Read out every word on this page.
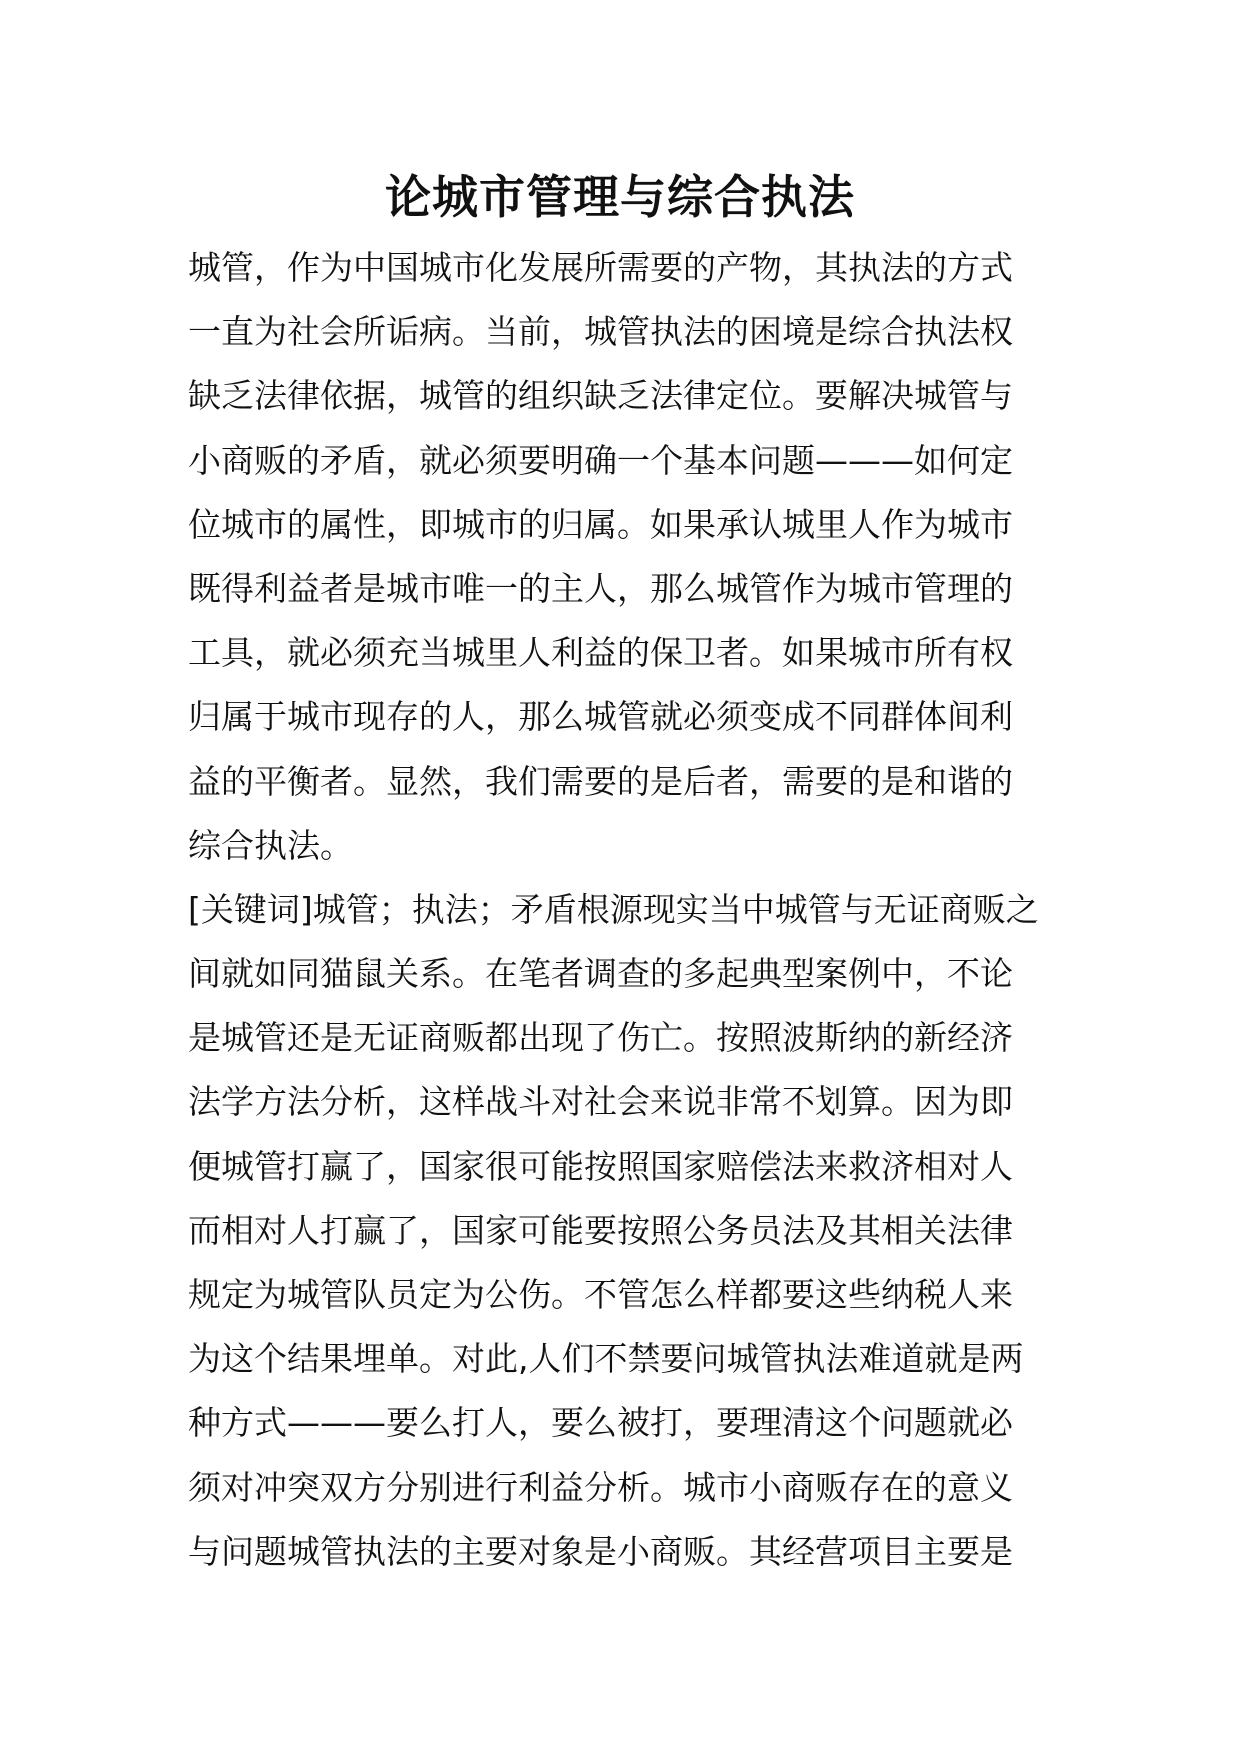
论城市管理与综合执法
城管，作为中国城市化发展所需要的产物，其执法的方式
一直为社会所诟病。当前，城管执法的困境是综合执法权
缺乏法律依据，城管的组织缺乏法律定位。要解决城管与
小商贩的矛盾，就必须要明确一个基本问题———如何定
位城市的属性，即城市的归属。如果承认城里人作为城市
既得利益者是城市唯一的主人，那么城管作为城市管理的
工具，就必须充当城里人利益的保卫者。如果城市所有权
归属于城市现存的人，那么城管就必须变成不同群体间利
益的平衡者。显然，我们需要的是后者，需要的是和谐的
综合执法。
[关键词]城管；执法；矛盾根源现实当中城管与无证商贩之
间就如同猫鼠关系。在笔者调查的多起典型案例中，不论
是城管还是无证商贩都出现了伤亡。按照波斯纳的新经济
法学方法分析，这样战斗对社会来说非常不划算。因为即
便城管打赢了，国家很可能按照国家赔偿法来救济相对人
而相对人打赢了，国家可能要按照公务员法及其相关法律
规定为城管队员定为公伤。不管怎么样都要这些纳税人来
为这个结果埋单。对此,人们不禁要问城管执法难道就是两
种方式———要么打人，要么被打，要理清这个问题就必
须对冲突双方分别进行利益分析。城市小商贩存在的意义
与问题城管执法的主要对象是小商贩。其经营项目主要是
